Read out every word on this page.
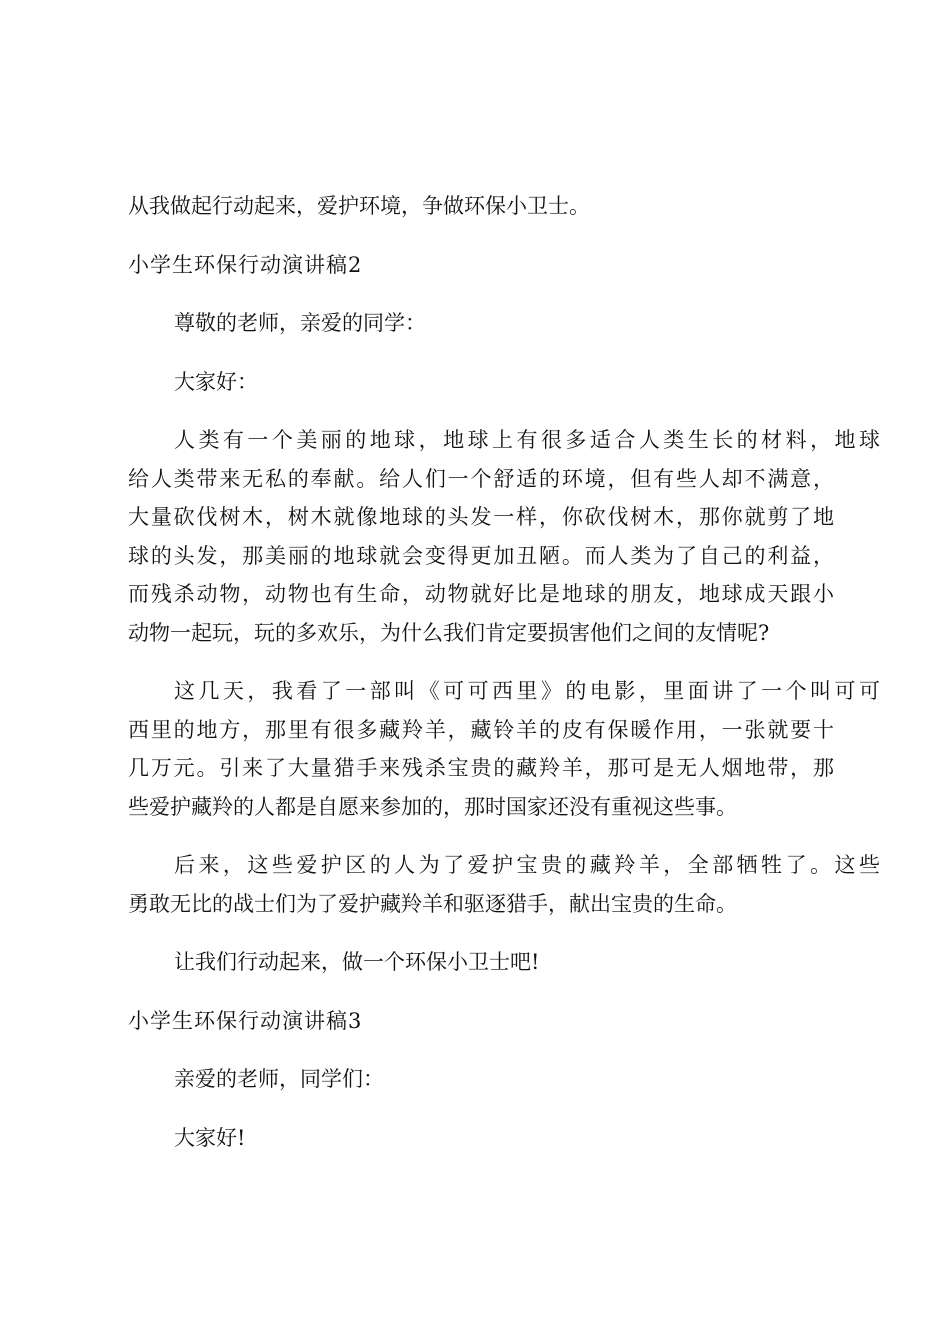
从我做起行动起来，爱护环境，争做环保小卫士。

小学生环保行动演讲稿2

尊敬的老师，亲爱的同学：

大家好：

人类有一个美丽的地球，地球上有很多适合人类生长的材料，地球

给人类带来无私的奉献。给人们一个舒适的环境，但有些人却不满意，

大量砍伐树木，树木就像地球的头发一样，你砍伐树木，那你就剪了地

球的头发，那美丽的地球就会变得更加丑陋。而人类为了自己的利益，

而残杀动物，动物也有生命，动物就好比是地球的朋友，地球成天跟小

动物一起玩，玩的多欢乐，为什么我们肯定要损害他们之间的友情呢?

这几天，我看了一部叫《可可西里》的电影，里面讲了一个叫可可

西里的地方，那里有很多藏羚羊，藏铃羊的皮有保暖作用，一张就要十

几万元。引来了大量猎手来残杀宝贵的藏羚羊，那可是无人烟地带，那

些爱护藏羚的人都是自愿来参加的，那时国家还没有重视这些事。

后来，这些爱护区的人为了爱护宝贵的藏羚羊，全部牺牲了。这些

勇敢无比的战士们为了爱护藏羚羊和驱逐猎手，献出宝贵的生命。

让我们行动起来，做一个环保小卫士吧!

小学生环保行动演讲稿3

亲爱的老师，同学们：

大家好!
